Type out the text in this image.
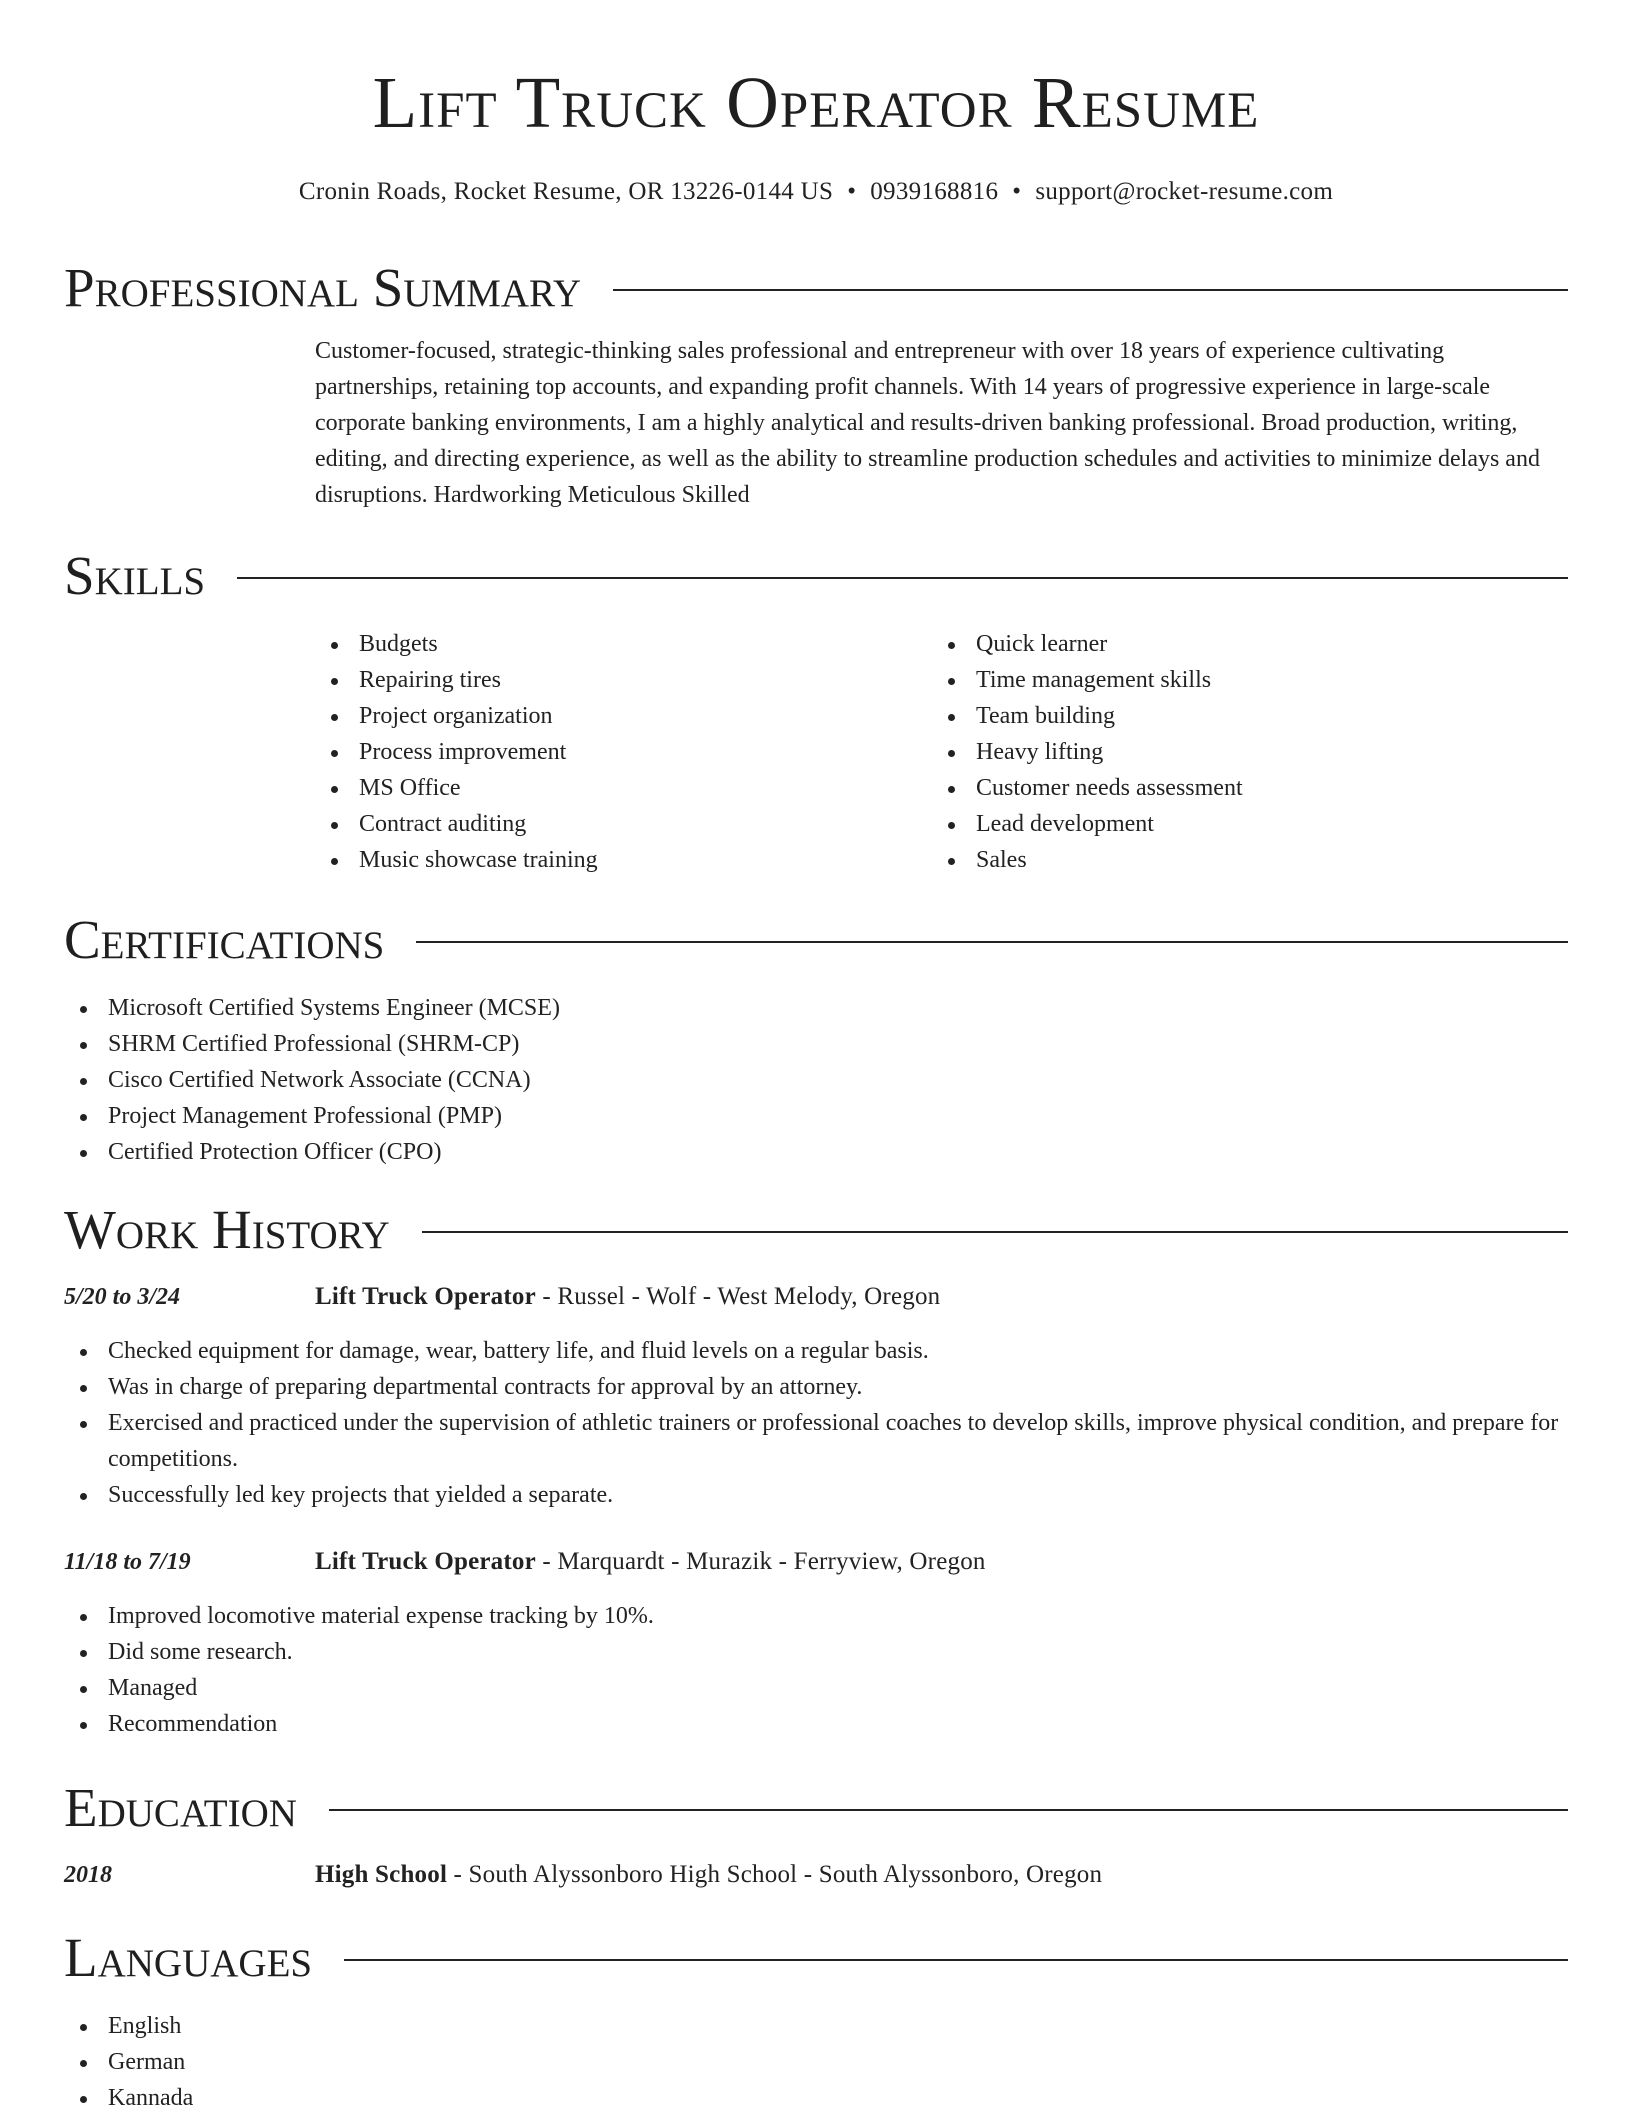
Lift Truck Operator Resume
Cronin Roads, Rocket Resume, OR 13226-0144 US • 0939168816 • support@rocket-resume.com
Professional Summary
Customer-focused, strategic-thinking sales professional and entrepreneur with over 18 years of experience cultivating partnerships, retaining top accounts, and expanding profit channels. With 14 years of progressive experience in large-scale corporate banking environments, I am a highly analytical and results-driven banking professional. Broad production, writing, editing, and directing experience, as well as the ability to streamline production schedules and activities to minimize delays and disruptions. Hardworking Meticulous Skilled
Skills
Budgets
Repairing tires
Project organization
Process improvement
MS Office
Contract auditing
Music showcase training
Quick learner
Time management skills
Team building
Heavy lifting
Customer needs assessment
Lead development
Sales
Certifications
Microsoft Certified Systems Engineer (MCSE)
SHRM Certified Professional (SHRM-CP)
Cisco Certified Network Associate (CCNA)
Project Management Professional (PMP)
Certified Protection Officer (CPO)
Work History
5/20 to 3/24	Lift Truck Operator - Russel - Wolf - West Melody, Oregon
Checked equipment for damage, wear, battery life, and fluid levels on a regular basis.
Was in charge of preparing departmental contracts for approval by an attorney.
Exercised and practiced under the supervision of athletic trainers or professional coaches to develop skills, improve physical condition, and prepare for competitions.
Successfully led key projects that yielded a separate.
11/18 to 7/19	Lift Truck Operator - Marquardt - Murazik - Ferryview, Oregon
Improved locomotive material expense tracking by 10%.
Did some research.
Managed
Recommendation
Education
2018	High School - South Alyssonboro High School - South Alyssonboro, Oregon
Languages
English
German
Kannada
